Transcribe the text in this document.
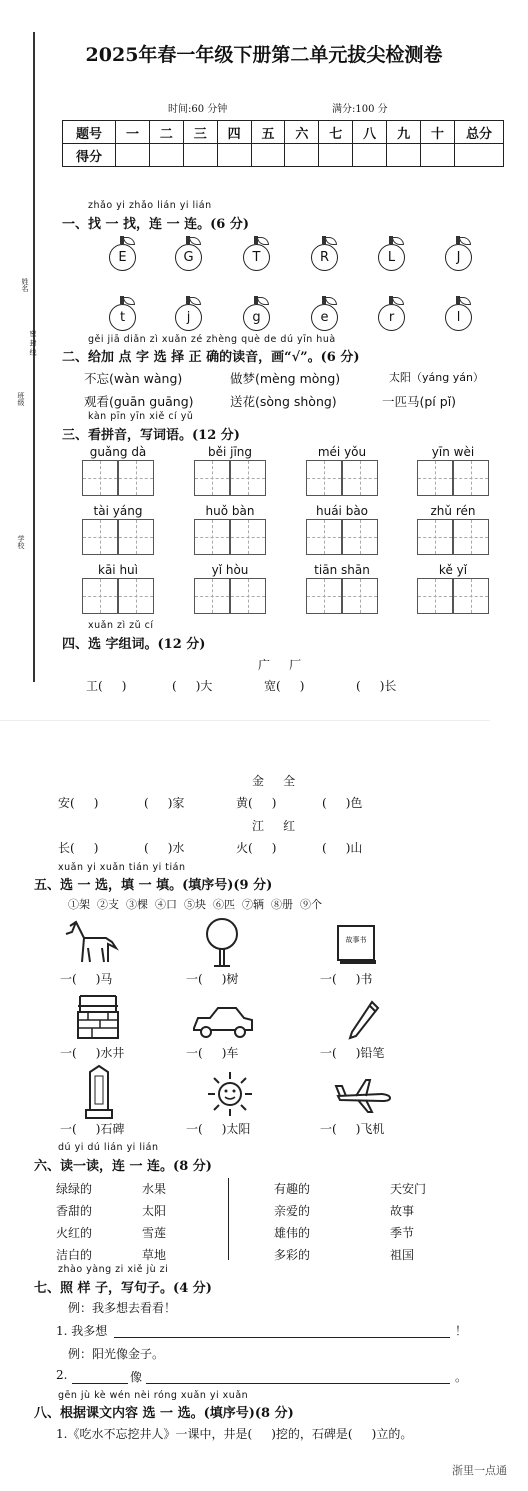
2025年春一年级下册第二单元拔尖检测卷
时间:60 分钟	满分:100 分
题号	一	二	三	四	五	六	七	八	九	十	总分
得分											
姓名
密 封 线
班级
学校
zhǎo yi zhǎo lián yi lián
一、找 一 找，连 一 连。(6 分)
E	G	T	R	L	J
t	j	g	e	r	l
gěi jiā diǎn zì xuǎn zé zhèng què de dú yīn huà
二、给加 点 字 选 择 正 确的读音，画“√”。(6 分)
不忘(wàn wàng)	做梦(mèng mòng)	太阳（yáng yán）
观看(guān guāng)	送花(sòng shòng)	一匹马(pí pǐ)
kàn pīn yīn xiě cí yǔ
三、看拼音，写词语。(12 分)
guǎng dà	běi jīng	méi yǒu	yīn wèi
tài yáng	huǒ bàn	huái bào	zhǔ rén
kāi huì	yǐ hòu	tiān shān	kě yǐ
xuǎn zì zǔ cí
四、选 字组词。(12 分)
广     厂
工(     )	(     )大	宽(     )	(     )长
金     全
安(     )	(     )家	黄(     )	(     )色
江     红
长(     )	(     )水	火(     )	(     )山
xuǎn yi xuǎn tián yi tián
五、选 一 选，填 一 填。(填序号)(9 分)
①架  ②支  ③棵  ④口  ⑤块  ⑥匹  ⑦辆  ⑧册  ⑨个
一(     )马	一(     )树
故事书
一(     )书
一(     )水井	一(     )车	一(     )铅笔
一(     )石碑	一(     )太阳	一(     )飞机
dú yi dú lián yi lián
六、读一读，连 一 连。(8 分)
绿绿的
香甜的
火红的
洁白的
水果
太阳
雪莲
草地
有趣的
亲爱的
雄伟的
多彩的
天安门
故事
季节
祖国
zhào yàng zi xiě jù zi
七、照 样 子，写句子。(4 分)
例：我多想去看看！
1. 我多想	！
例：阳光像金子。
2.	像	。
gēn jù kè wén nèi róng xuǎn yi xuǎn
八、根据课文内容 选 一 选。(填序号)(8 分)
1.《吃水不忘挖井人》一课中，井是(     )挖的，石碑是(     )立的。
浙里一点通
